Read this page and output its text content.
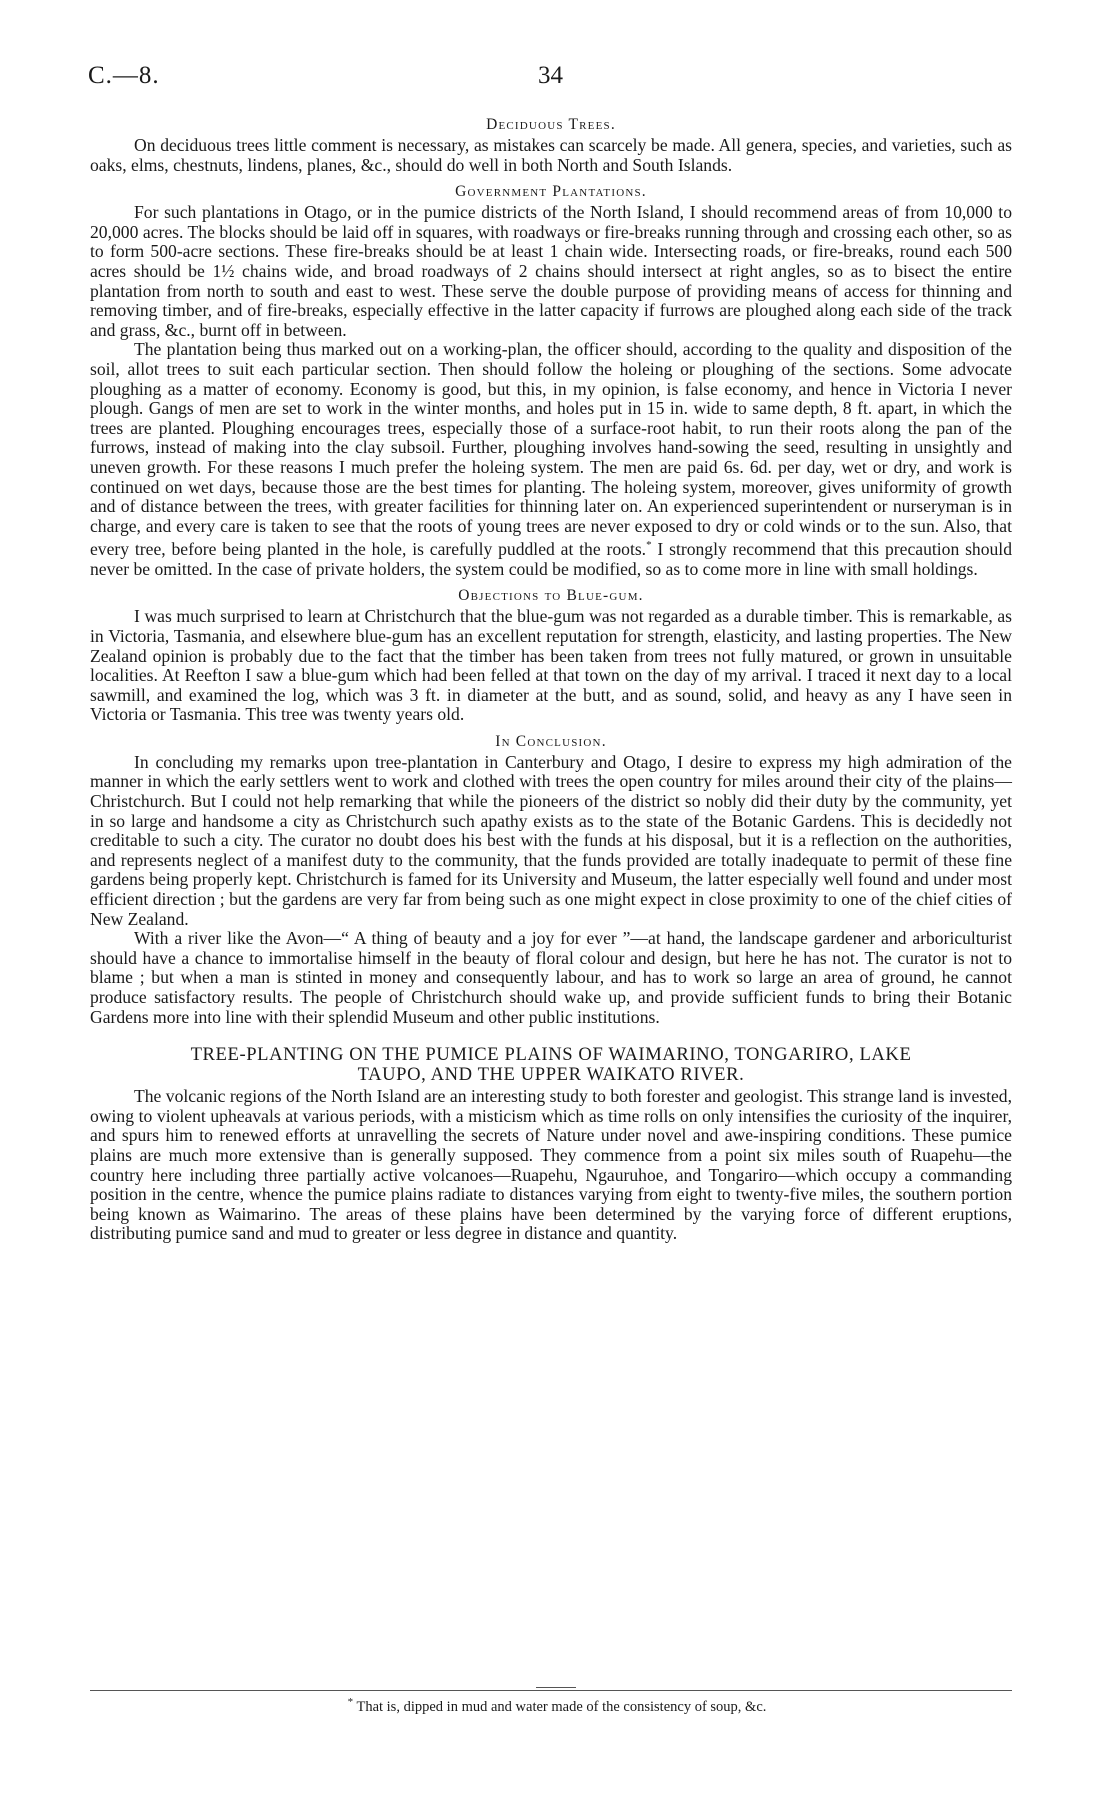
C.—8.	34
Deciduous Trees.

On deciduous trees little comment is necessary, as mistakes can scarcely be made. All genera, species, and varieties, such as oaks, elms, chestnuts, lindens, planes, &c., should do well in both North and South Islands.

Government Plantations.

For such plantations in Otago, or in the pumice districts of the North Island, I should recommend areas of from 10,000 to 20,000 acres. The blocks should be laid off in squares, with roadways or fire-breaks running through and crossing each other, so as to form 500-acre sections. These fire-breaks should be at least 1 chain wide. Intersecting roads, or fire-breaks, round each 500 acres should be 1½ chains wide, and broad roadways of 2 chains should intersect at right angles, so as to bisect the entire plantation from north to south and east to west. These serve the double purpose of providing means of access for thinning and removing timber, and of fire-breaks, especially effective in the latter capacity if furrows are ploughed along each side of the track and grass, &c., burnt off in between.

The plantation being thus marked out on a working-plan, the officer should, according to the quality and disposition of the soil, allot trees to suit each particular section. Then should follow the holeing or ploughing of the sections. Some advocate ploughing as a matter of economy. Economy is good, but this, in my opinion, is false economy, and hence in Victoria I never plough. Gangs of men are set to work in the winter months, and holes put in 15 in. wide to same depth, 8 ft. apart, in which the trees are planted. Ploughing encourages trees, especially those of a surface-root habit, to run their roots along the pan of the furrows, instead of making into the clay subsoil. Further, ploughing involves hand-sowing the seed, resulting in unsightly and uneven growth. For these reasons I much prefer the holeing system. The men are paid 6s. 6d. per day, wet or dry, and work is continued on wet days, because those are the best times for planting. The holeing system, moreover, gives uniformity of growth and of distance between the trees, with greater facilities for thinning later on. An experienced superintendent or nurseryman is in charge, and every care is taken to see that the roots of young trees are never exposed to dry or cold winds or to the sun. Also, that every tree, before being planted in the hole, is carefully puddled at the roots.* I strongly recommend that this precaution should never be omitted. In the case of private holders, the system could be modified, so as to come more in line with small holdings.

Objections to Blue-gum.

I was much surprised to learn at Christchurch that the blue-gum was not regarded as a durable timber. This is remarkable, as in Victoria, Tasmania, and elsewhere blue-gum has an excellent reputation for strength, elasticity, and lasting properties. The New Zealand opinion is probably due to the fact that the timber has been taken from trees not fully matured, or grown in unsuitable localities. At Reefton I saw a blue-gum which had been felled at that town on the day of my arrival. I traced it next day to a local sawmill, and examined the log, which was 3 ft. in diameter at the butt, and as sound, solid, and heavy as any I have seen in Victoria or Tasmania. This tree was twenty years old.

In Conclusion.

In concluding my remarks upon tree-plantation in Canterbury and Otago, I desire to express my high admiration of the manner in which the early settlers went to work and clothed with trees the open country for miles around their city of the plains—Christchurch. But I could not help remarking that while the pioneers of the district so nobly did their duty by the community, yet in so large and handsome a city as Christchurch such apathy exists as to the state of the Botanic Gardens. This is decidedly not creditable to such a city. The curator no doubt does his best with the funds at his disposal, but it is a reflection on the authorities, and represents neglect of a manifest duty to the community, that the funds provided are totally inadequate to permit of these fine gardens being properly kept. Christchurch is famed for its University and Museum, the latter especially well found and under most efficient direction ; but the gardens are very far from being such as one might expect in close proximity to one of the chief cities of New Zealand.

With a river like the Avon—“ A thing of beauty and a joy for ever ”—at hand, the landscape gardener and arboriculturist should have a chance to immortalise himself in the beauty of floral colour and design, but here he has not. The curator is not to blame ; but when a man is stinted in money and consequently labour, and has to work so large an area of ground, he cannot produce satisfactory results. The people of Christchurch should wake up, and provide sufficient funds to bring their Botanic Gardens more into line with their splendid Museum and other public institutions.

TREE-PLANTING ON THE PUMICE PLAINS OF WAIMARINO, TONGARIRO, LAKE
TAUPO, AND THE UPPER WAIKATO RIVER.

The volcanic regions of the North Island are an interesting study to both forester and geologist. This strange land is invested, owing to violent upheavals at various periods, with a misticism which as time rolls on only intensifies the curiosity of the inquirer, and spurs him to renewed efforts at unravelling the secrets of Nature under novel and awe-inspiring conditions. These pumice plains are much more extensive than is generally supposed. They commence from a point six miles south of Ruapehu—the country here including three partially active volcanoes—Ruapehu, Ngauruhoe, and Tongariro—which occupy a commanding position in the centre, whence the pumice plains radiate to distances varying from eight to twenty-five miles, the southern portion being known as Waimarino. The areas of these plains have been determined by the varying force of different eruptions, distributing pumice sand and mud to greater or less degree in distance and quantity.

* That is, dipped in mud and water made of the consistency of soup, &c.
